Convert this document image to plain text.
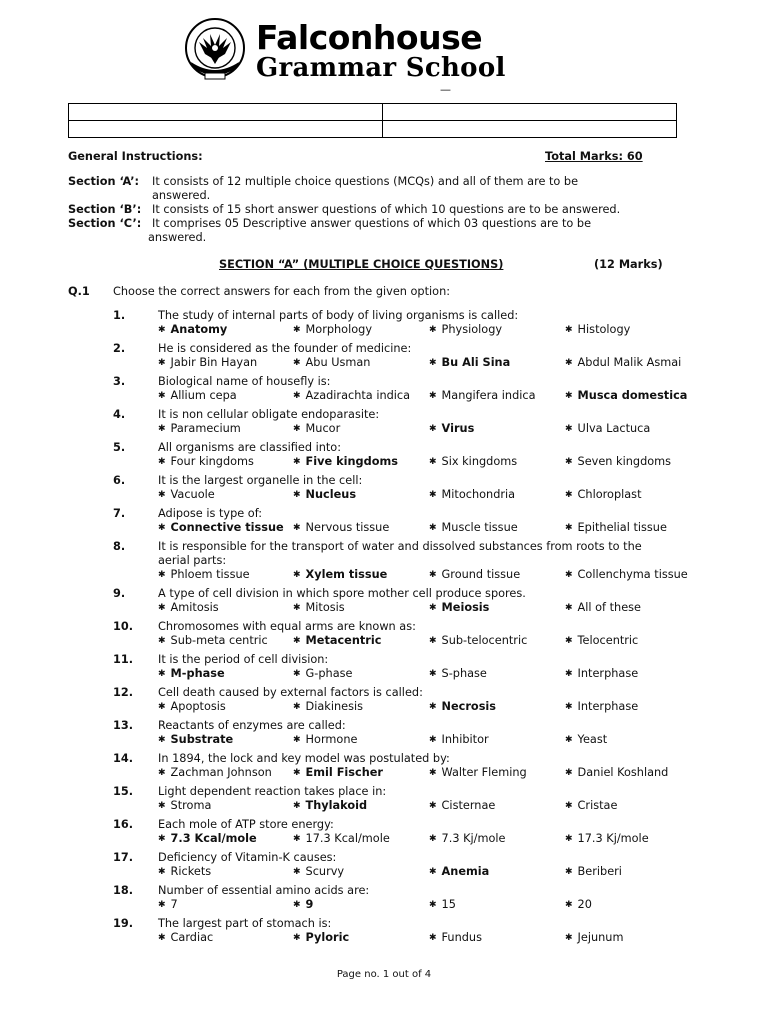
Falconhouse
Grammar School
—

General Instructions:	Total Marks: 60
Section ‘A’: It consists of 12 multiple choice questions (MCQs) and all of them are to be
answered.
Section ‘B’: It consists of 15 short answer questions of which 10 questions are to be answered.
Section ‘C’: It comprises 05 Descriptive answer questions of which 03 questions are to be
answered.
SECTION “A” (MULTIPLE CHOICE QUESTIONS)	(12 Marks)
Q.1 Choose the correct answers for each from the given option:
1.	The study of internal parts of body of living organisms is called:
✱ Anatomy	✱ Morphology	✱ Physiology	✱ Histology
2.	He is considered as the founder of medicine:
✱ Jabir Bin Hayan	✱ Abu Usman	✱ Bu Ali Sina	✱ Abdul Malik Asmai
3.	Biological name of housefly is:
✱ Allium cepa	✱ Azadirachta indica ✱ Mangifera indica	✱ Musca domestica
4.	It is non cellular obligate endoparasite:
✱ Paramecium	✱ Mucor	✱ Virus	✱ Ulva Lactuca
5.	All organisms are classified into:
✱ Four kingdoms	✱ Five kingdoms	✱ Six kingdoms	✱ Seven kingdoms
6.	It is the largest organelle in the cell:
✱ Vacuole	✱ Nucleus	✱ Mitochondria	✱ Chloroplast
7.	Adipose is type of:
✱ Connective tissue ✱ Nervous tissue	✱ Muscle tissue	✱ Epithelial tissue
8.	It is responsible for the transport of water and dissolved substances from roots to the
aerial parts:
✱ Phloem tissue	✱ Xylem tissue	✱ Ground tissue	✱ Collenchyma tissue
9.	A type of cell division in which spore mother cell produce spores.
✱ Amitosis	✱ Mitosis	✱ Meiosis	✱ All of these
10. Chromosomes with equal arms are known as:
✱ Sub-meta centric	✱ Metacentric	✱ Sub-telocentric	✱ Telocentric
11. It is the period of cell division:
✱ M-phase	✱ G-phase	✱ S-phase	✱ Interphase
12. Cell death caused by external factors is called:
✱ Apoptosis	✱ Diakinesis	✱ Necrosis	✱ Interphase
13. Reactants of enzymes are called:
✱ Substrate	✱ Hormone	✱ Inhibitor	✱ Yeast
14. In 1894, the lock and key model was postulated by:
✱ Zachman Johnson ✱ Emil Fischer	✱ Walter Fleming	✱ Daniel Koshland
15. Light dependent reaction takes place in:
✱ Stroma	✱ Thylakoid	✱ Cisternae	✱ Cristae
16. Each mole of ATP store energy:
✱ 7.3 Kcal/mole	✱ 17.3 Kcal/mole	✱ 7.3 Kj/mole	✱ 17.3 Kj/mole
17. Deficiency of Vitamin-K causes:
✱ Rickets	✱ Scurvy	✱ Anemia	✱ Beriberi
18. Number of essential amino acids are:
✱ 7	✱ 9	✱ 15	✱ 20
19. The largest part of stomach is:
✱ Cardiac	✱ Pyloric	✱ Fundus	✱ Jejunum
Page no. 1 out of 4
